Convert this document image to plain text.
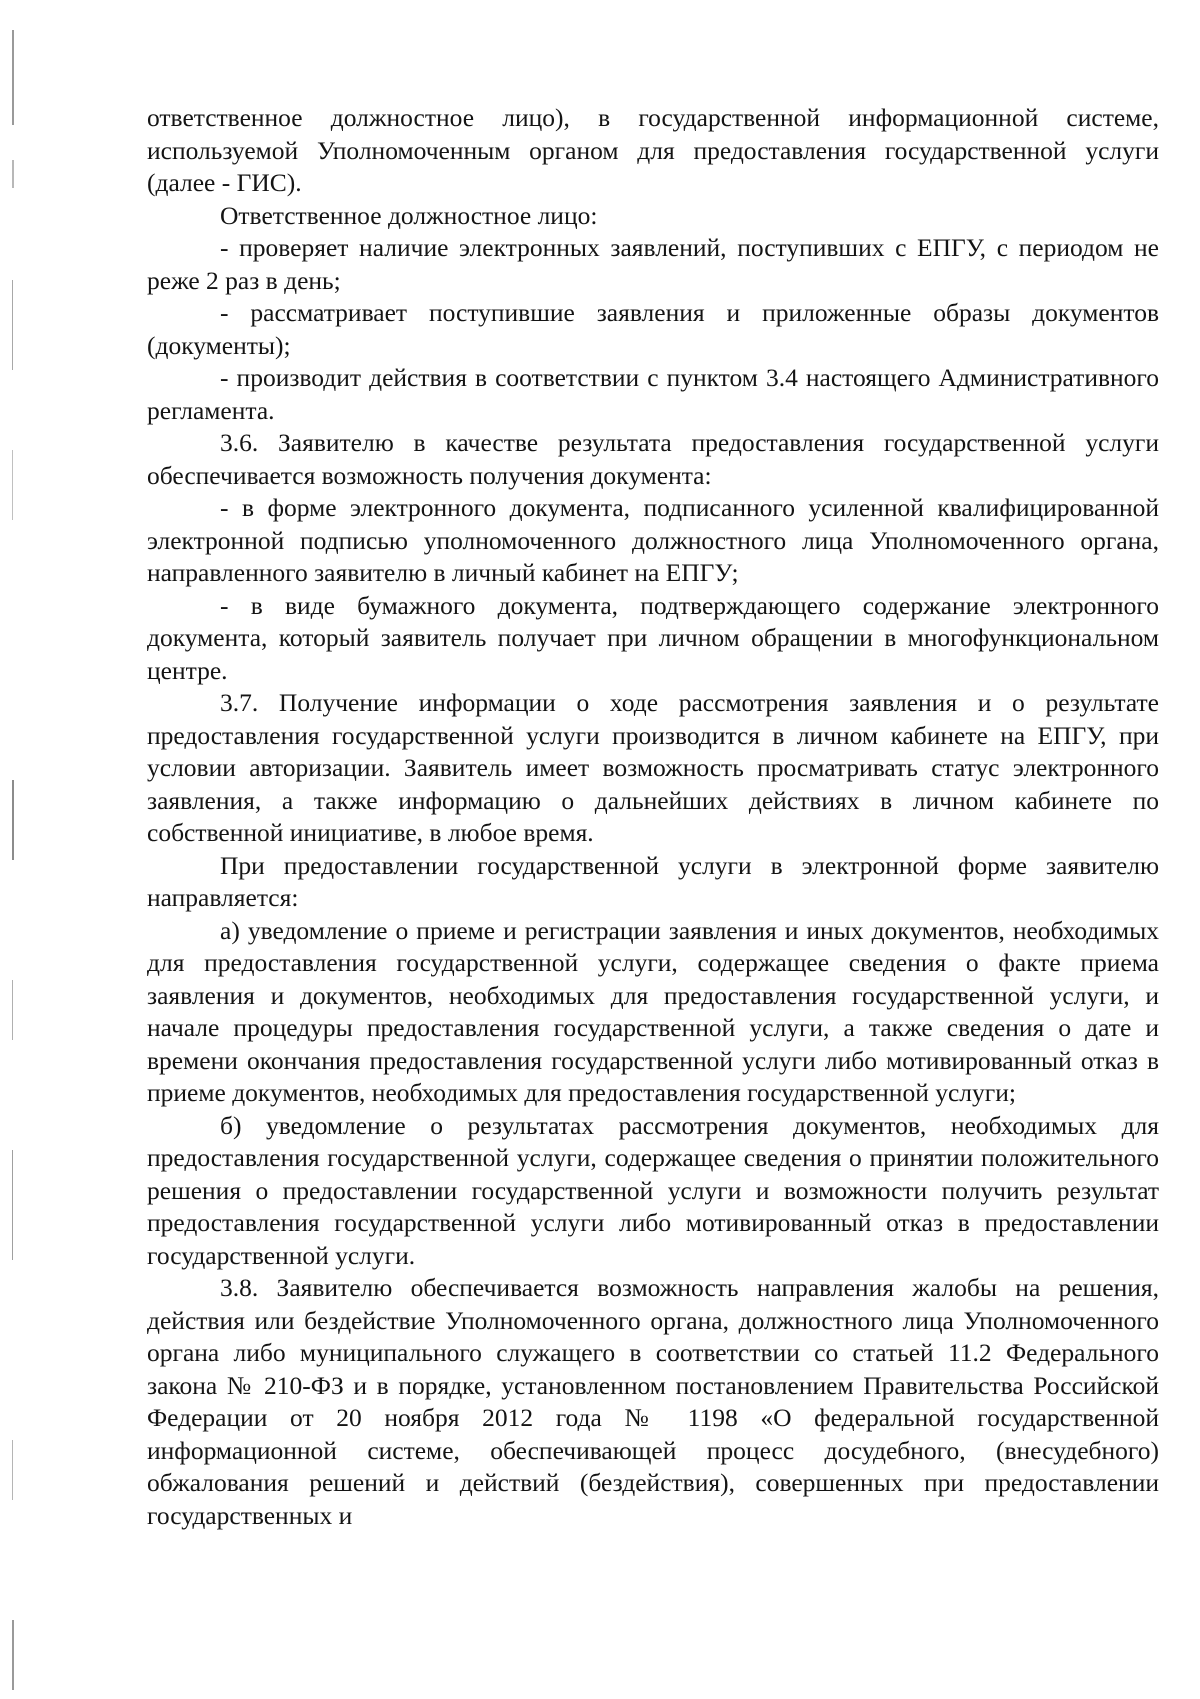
ответственное должностное лицо), в государственной информационной системе, используемой Уполномоченным органом для предоставления государственной услуги (далее - ГИС).

Ответственное должностное лицо:

- проверяет наличие электронных заявлений, поступивших с ЕПГУ, с периодом не реже 2 раз в день;

- рассматривает поступившие заявления и приложенные образы документов (документы);

- производит действия в соответствии с пунктом 3.4 настоящего Административного регламента.

3.6. Заявителю в качестве результата предоставления государственной услуги обеспечивается возможность получения документа:

- в форме электронного документа, подписанного усиленной квалифицированной электронной подписью уполномоченного должностного лица Уполномоченного органа, направленного заявителю в личный кабинет на ЕПГУ;

- в виде бумажного документа, подтверждающего содержание электронного документа, который заявитель получает при личном обращении в многофункциональном центре.

3.7. Получение информации о ходе рассмотрения заявления и о результате предоставления государственной услуги производится в личном кабинете на ЕПГУ, при условии авторизации. Заявитель имеет возможность просматривать статус электронного заявления, а также информацию о дальнейших действиях в личном кабинете по собственной инициативе, в любое время.

При предоставлении государственной услуги в электронной форме заявителю направляется:

а) уведомление о приеме и регистрации заявления и иных документов, необходимых для предоставления государственной услуги, содержащее сведения о факте приема заявления и документов, необходимых для предоставления государственной услуги, и начале процедуры предоставления государственной услуги, а также сведения о дате и времени окончания предоставления государственной услуги либо мотивированный отказ в приеме документов, необходимых для предоставления государственной услуги;

б) уведомление о результатах рассмотрения документов, необходимых для предоставления государственной услуги, содержащее сведения о принятии положительного решения о предоставлении государственной услуги и возможности получить результат предоставления государственной услуги либо мотивированный отказ в предоставлении государственной услуги.

3.8. Заявителю обеспечивается возможность направления жалобы на решения, действия или бездействие Уполномоченного органа, должностного лица Уполномоченного органа либо муниципального служащего в соответствии со статьей 11.2 Федерального закона № 210-ФЗ и в порядке, установленном постановлением Правительства Российской Федерации от 20 ноября 2012 года № 1198 «О федеральной государственной информационной системе, обеспечивающей процесс досудебного, (внесудебного) обжалования решений и действий (бездействия), совершенных при предоставлении государственных и
